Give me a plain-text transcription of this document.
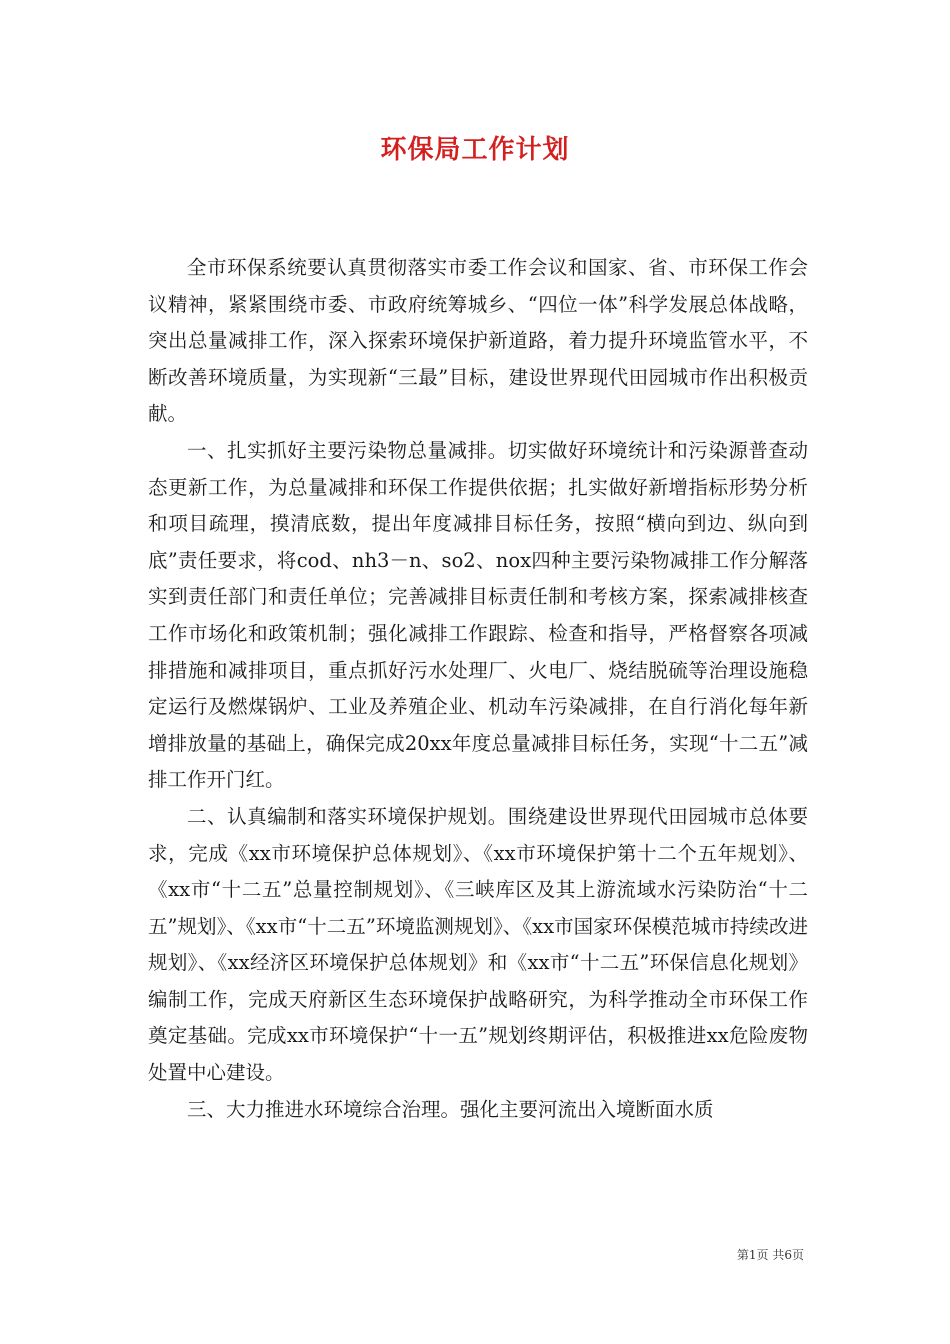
环保局工作计划

全市环保系统要认真贯彻落实市委工作会议和国家、省、市环保工作会议精神，紧紧围绕市委、市政府统筹城乡、“四位一体”科学发展总体战略，突出总量减排工作，深入探索环境保护新道路，着力提升环境监管水平，不断改善环境质量，为实现新“三最”目标，建设世界现代田园城市作出积极贡献。

一、扎实抓好主要污染物总量减排。切实做好环境统计和污染源普查动态更新工作，为总量减排和环保工作提供依据；扎实做好新增指标形势分析和项目疏理，摸清底数，提出年度减排目标任务，按照“横向到边、纵向到底”责任要求，将cod、nh3－n、so2、nox四种主要污染物减排工作分解落实到责任部门和责任单位；完善减排目标责任制和考核方案，探索减排核查工作市场化和政策机制；强化减排工作跟踪、检查和指导，严格督察各项减排措施和减排项目，重点抓好污水处理厂、火电厂、烧结脱硫等治理设施稳定运行及燃煤锅炉、工业及养殖企业、机动车污染减排，在自行消化每年新增排放量的基础上，确保完成20xx年度总量减排目标任务，实现“十二五”减排工作开门红。

二、认真编制和落实环境保护规划。围绕建设世界现代田园城市总体要求，完成《xx市环境保护总体规划》、《xx市环境保护第十二个五年规划》、《xx市“十二五”总量控制规划》、《三峡库区及其上游流域水污染防治“十二五”规划》、《xx市“十二五”环境监测规划》、《xx市国家环保模范城市持续改进规划》、《xx经济区环境保护总体规划》和《xx市“十二五”环保信息化规划》编制工作，完成天府新区生态环境保护战略研究，为科学推动全市环保工作奠定基础。完成xx市环境保护“十一五”规划终期评估，积极推进xx危险废物处置中心建设。

三、大力推进水环境综合治理。强化主要河流出入境断面水质

第1页 共6页
